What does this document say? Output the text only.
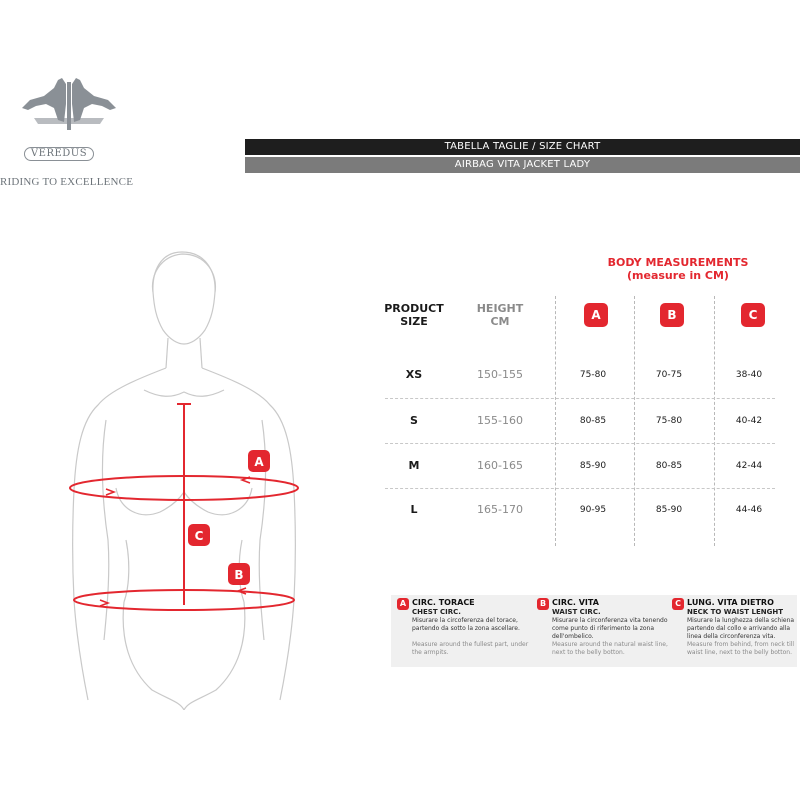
VEREDUS
RIDING TO EXCELLENCE
TABELLA TAGLIE / SIZE CHART
AIRBAG VITA JACKET LADY
A
C
B
BODY MEASUREMENTS
(measure in CM)
PRODUCT
SIZE
HEIGHT
CM	A	B	C
XS	150-155	75-80	70-75	38-40
S	155-160	80-85	75-80	40-42
M	160-165	85-90	80-85	42-44
L	165-170	90-95	85-90	44-46
A CIRC. TORACE
CHEST CIRC.
Misurare la circoferenza del torace, partendo da sotto la zona ascellare.
Measure around the fullest part, under the armpits.
B CIRC. VITA
WAIST CIRC.
Misurare la circonferenza vita tenendo come punto di riferimento la zona dell'ombelico.
Measure around the natural waist line, next to the belly botton.
C LUNG. VITA DIETRO
NECK TO WAIST LENGHT
Misurare la lunghezza della schiena partendo dal collo e arrivando alla linea della circonferenza vita.
Measure from behind, from neck till waist line, next to the belly botton.
